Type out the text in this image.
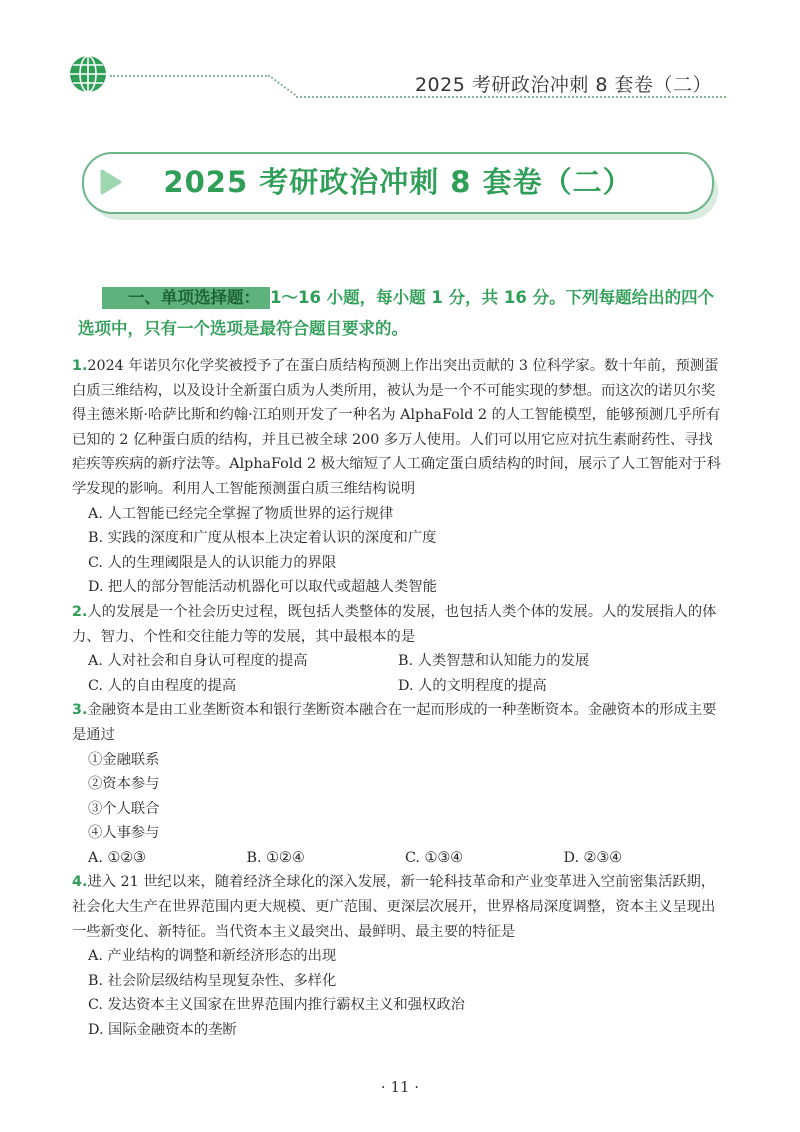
2025 考研政治冲刺 8 套卷（二）
2025 考研政治冲刺 8 套卷（二）
一、单项选择题： 1～16 小题，每小题 1 分，共 16 分。下列每题给出的四个选项中，只有一个选项是最符合题目要求的。
1.2024 年诺贝尔化学奖被授予了在蛋白质结构预测上作出突出贡献的 3 位科学家。数十年前，预测蛋白质三维结构，以及设计全新蛋白质为人类所用，被认为是一个不可能实现的梦想。而这次的诺贝尔奖得主德米斯·哈萨比斯和约翰·江珀则开发了一种名为 AlphaFold 2 的人工智能模型，能够预测几乎所有已知的 2 亿种蛋白质的结构，并且已被全球 200 多万人使用。人们可以用它应对抗生素耐药性、寻找疟疾等疾病的新疗法等。AlphaFold 2 极大缩短了人工确定蛋白质结构的时间，展示了人工智能对于科学发现的影响。利用人工智能预测蛋白质三维结构说明
A. 人工智能已经完全掌握了物质世界的运行规律
B. 实践的深度和广度从根本上决定着认识的深度和广度
C. 人的生理阈限是人的认识能力的界限
D. 把人的部分智能活动机器化可以取代或超越人类智能
2.人的发展是一个社会历史过程，既包括人类整体的发展，也包括人类个体的发展。人的发展指人的体力、智力、个性和交往能力等的发展，其中最根本的是
A. 人对社会和自身认可程度的提高	B. 人类智慧和认知能力的发展
C. 人的自由程度的提高	D. 人的文明程度的提高
3.金融资本是由工业垄断资本和银行垄断资本融合在一起而形成的一种垄断资本。金融资本的形成主要是通过
①金融联系
②资本参与
③个人联合
④人事参与
A. ①②③	B. ①②④	C. ①③④	D. ②③④
4.进入 21 世纪以来，随着经济全球化的深入发展，新一轮科技革命和产业变革进入空前密集活跃期，社会化大生产在世界范围内更大规模、更广范围、更深层次展开，世界格局深度调整，资本主义呈现出一些新变化、新特征。当代资本主义最突出、最鲜明、最主要的特征是
A. 产业结构的调整和新经济形态的出现
B. 社会阶层级结构呈现复杂性、多样化
C. 发达资本主义国家在世界范围内推行霸权主义和强权政治
D. 国际金融资本的垄断
· 11 ·
